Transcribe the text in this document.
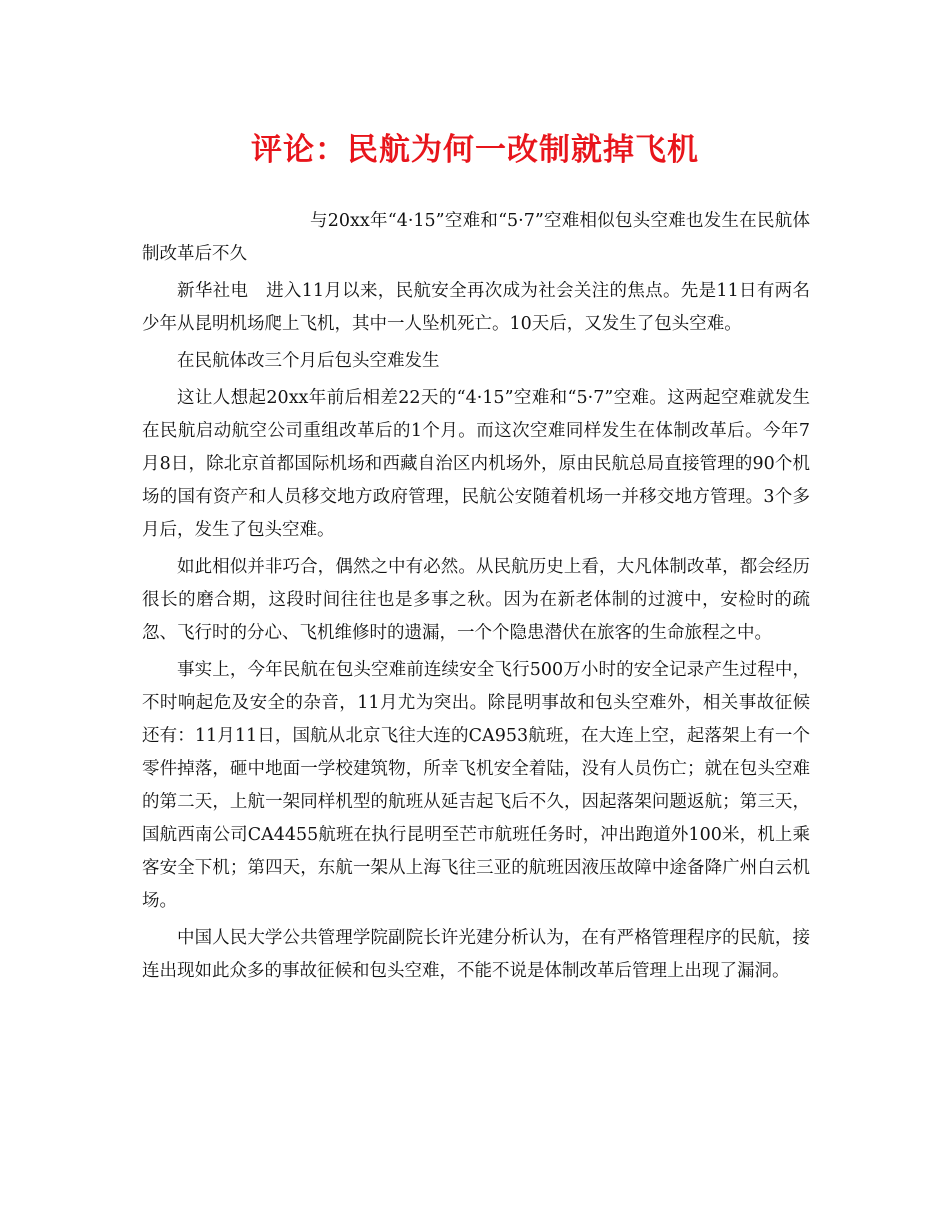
评论：民航为何一改制就掉飞机

与20xx年“4·15”空难和“5·7”空难相似包头空难也发生在民航体制改革后不久

新华社电　进入11月以来，民航安全再次成为社会关注的焦点。先是11日有两名少年从昆明机场爬上飞机，其中一人坠机死亡。10天后，又发生了包头空难。

在民航体改三个月后包头空难发生

这让人想起20xx年前后相差22天的“4·15”空难和“5·7”空难。这两起空难就发生在民航启动航空公司重组改革后的1个月。而这次空难同样发生在体制改革后。今年7月8日，除北京首都国际机场和西藏自治区内机场外，原由民航总局直接管理的90个机场的国有资产和人员移交地方政府管理，民航公安随着机场一并移交地方管理。3个多月后，发生了包头空难。

如此相似并非巧合，偶然之中有必然。从民航历史上看，大凡体制改革，都会经历很长的磨合期，这段时间往往也是多事之秋。因为在新老体制的过渡中，安检时的疏忽、飞行时的分心、飞机维修时的遗漏，一个个隐患潜伏在旅客的生命旅程之中。

事实上，今年民航在包头空难前连续安全飞行500万小时的安全记录产生过程中，不时响起危及安全的杂音，11月尤为突出。除昆明事故和包头空难外，相关事故征候还有：11月11日，国航从北京飞往大连的CA953航班，在大连上空，起落架上有一个零件掉落，砸中地面一学校建筑物，所幸飞机安全着陆，没有人员伤亡；就在包头空难的第二天，上航一架同样机型的航班从延吉起飞后不久，因起落架问题返航；第三天，国航西南公司CA4455航班在执行昆明至芒市航班任务时，冲出跑道外100米，机上乘客安全下机；第四天，东航一架从上海飞往三亚的航班因液压故障中途备降广州白云机场。

中国人民大学公共管理学院副院长许光建分析认为，在有严格管理程序的民航，接连出现如此众多的事故征候和包头空难，不能不说是体制改革后管理上出现了漏洞。
